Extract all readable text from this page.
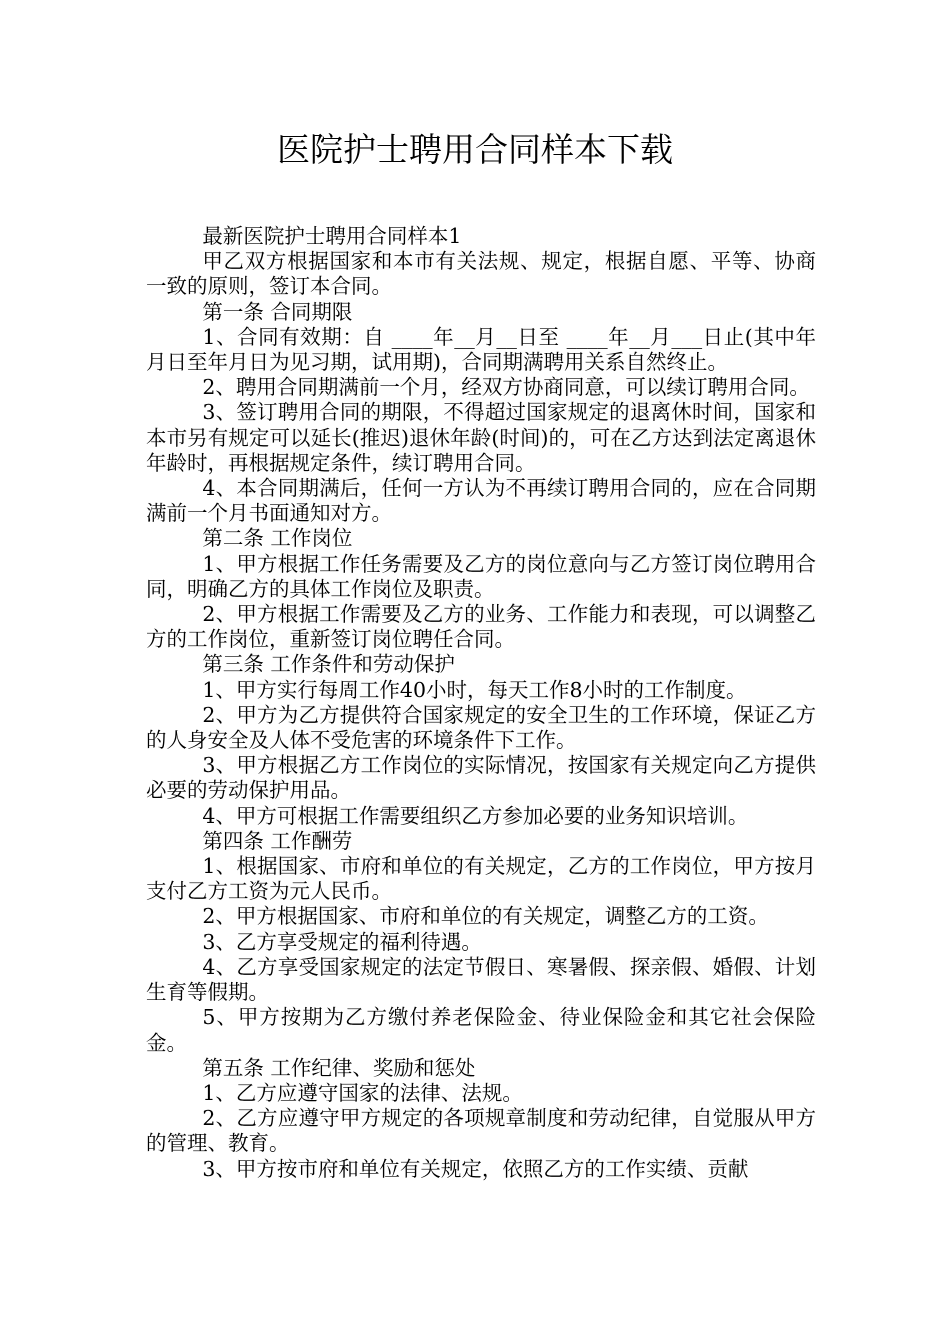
医院护士聘用合同样本下载

最新医院护士聘用合同样本1

甲乙双方根据国家和本市有关法规、规定，根据自愿、平等、协商一致的原则，签订本合同。

第一条 合同期限

1、合同有效期：自 ____年__月__日至 ____年__月___日止(其中年月日至年月日为见习期，试用期)，合同期满聘用关系自然终止。

2、聘用合同期满前一个月，经双方协商同意，可以续订聘用合同。

3、签订聘用合同的期限，不得超过国家规定的退离休时间，国家和本市另有规定可以延长(推迟)退休年龄(时间)的，可在乙方达到法定离退休年龄时，再根据规定条件，续订聘用合同。

4、本合同期满后，任何一方认为不再续订聘用合同的，应在合同期满前一个月书面通知对方。

第二条 工作岗位

1、甲方根据工作任务需要及乙方的岗位意向与乙方签订岗位聘用合同，明确乙方的具体工作岗位及职责。

2、甲方根据工作需要及乙方的业务、工作能力和表现，可以调整乙方的工作岗位，重新签订岗位聘任合同。

第三条 工作条件和劳动保护

1、甲方实行每周工作40小时，每天工作8小时的工作制度。

2、甲方为乙方提供符合国家规定的安全卫生的工作环境，保证乙方的人身安全及人体不受危害的环境条件下工作。

3、甲方根据乙方工作岗位的实际情况，按国家有关规定向乙方提供必要的劳动保护用品。

4、甲方可根据工作需要组织乙方参加必要的业务知识培训。

第四条 工作酬劳

1、根据国家、市府和单位的有关规定，乙方的工作岗位，甲方按月支付乙方工资为元人民币。

2、甲方根据国家、市府和单位的有关规定，调整乙方的工资。

3、乙方享受规定的福利待遇。

4、乙方享受国家规定的法定节假日、寒暑假、探亲假、婚假、计划生育等假期。

5、甲方按期为乙方缴付养老保险金、待业保险金和其它社会保险金。

第五条 工作纪律、奖励和惩处

1、乙方应遵守国家的法律、法规。

2、乙方应遵守甲方规定的各项规章制度和劳动纪律，自觉服从甲方的管理、教育。

3、甲方按市府和单位有关规定，依照乙方的工作实绩、贡献
